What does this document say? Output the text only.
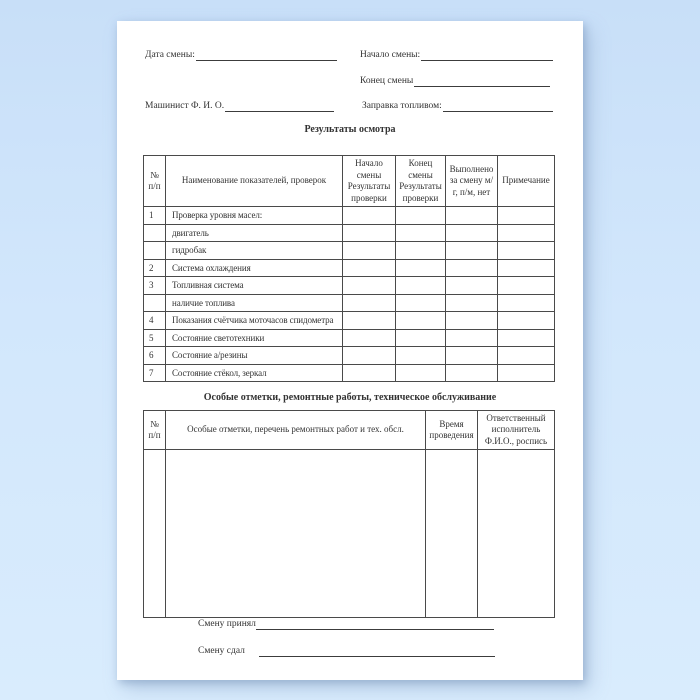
Дата смены:	Начало смены:
Конец смены
Машинист Ф. И. О.	Заправка топливом:
Результаты осмотра
№ п/п	Наименование показателей, проверок	Начало смены Результаты проверки	Конец смены Результаты проверки	Выполнено за смену м/г, п/м, нет	Примечание
1	Проверка уровня масел:				
	двигатель				
	гидробак				
2	Система охлаждения				
3	Топливная система				
	наличие топлива				
4	Показания счётчика моточасов спидометра				
5	Состояние светотехники				
6	Состояние а/резины				
7	Состояние стёкол, зеркал				
Особые отметки, ремонтные работы, техническое обслуживание
№ п/п	Особые отметки, перечень ремонтных работ и тех. обсл.	Время проведения	Ответственный исполнитель Ф.И.О., роспись

Смену принял
Смену сдал
